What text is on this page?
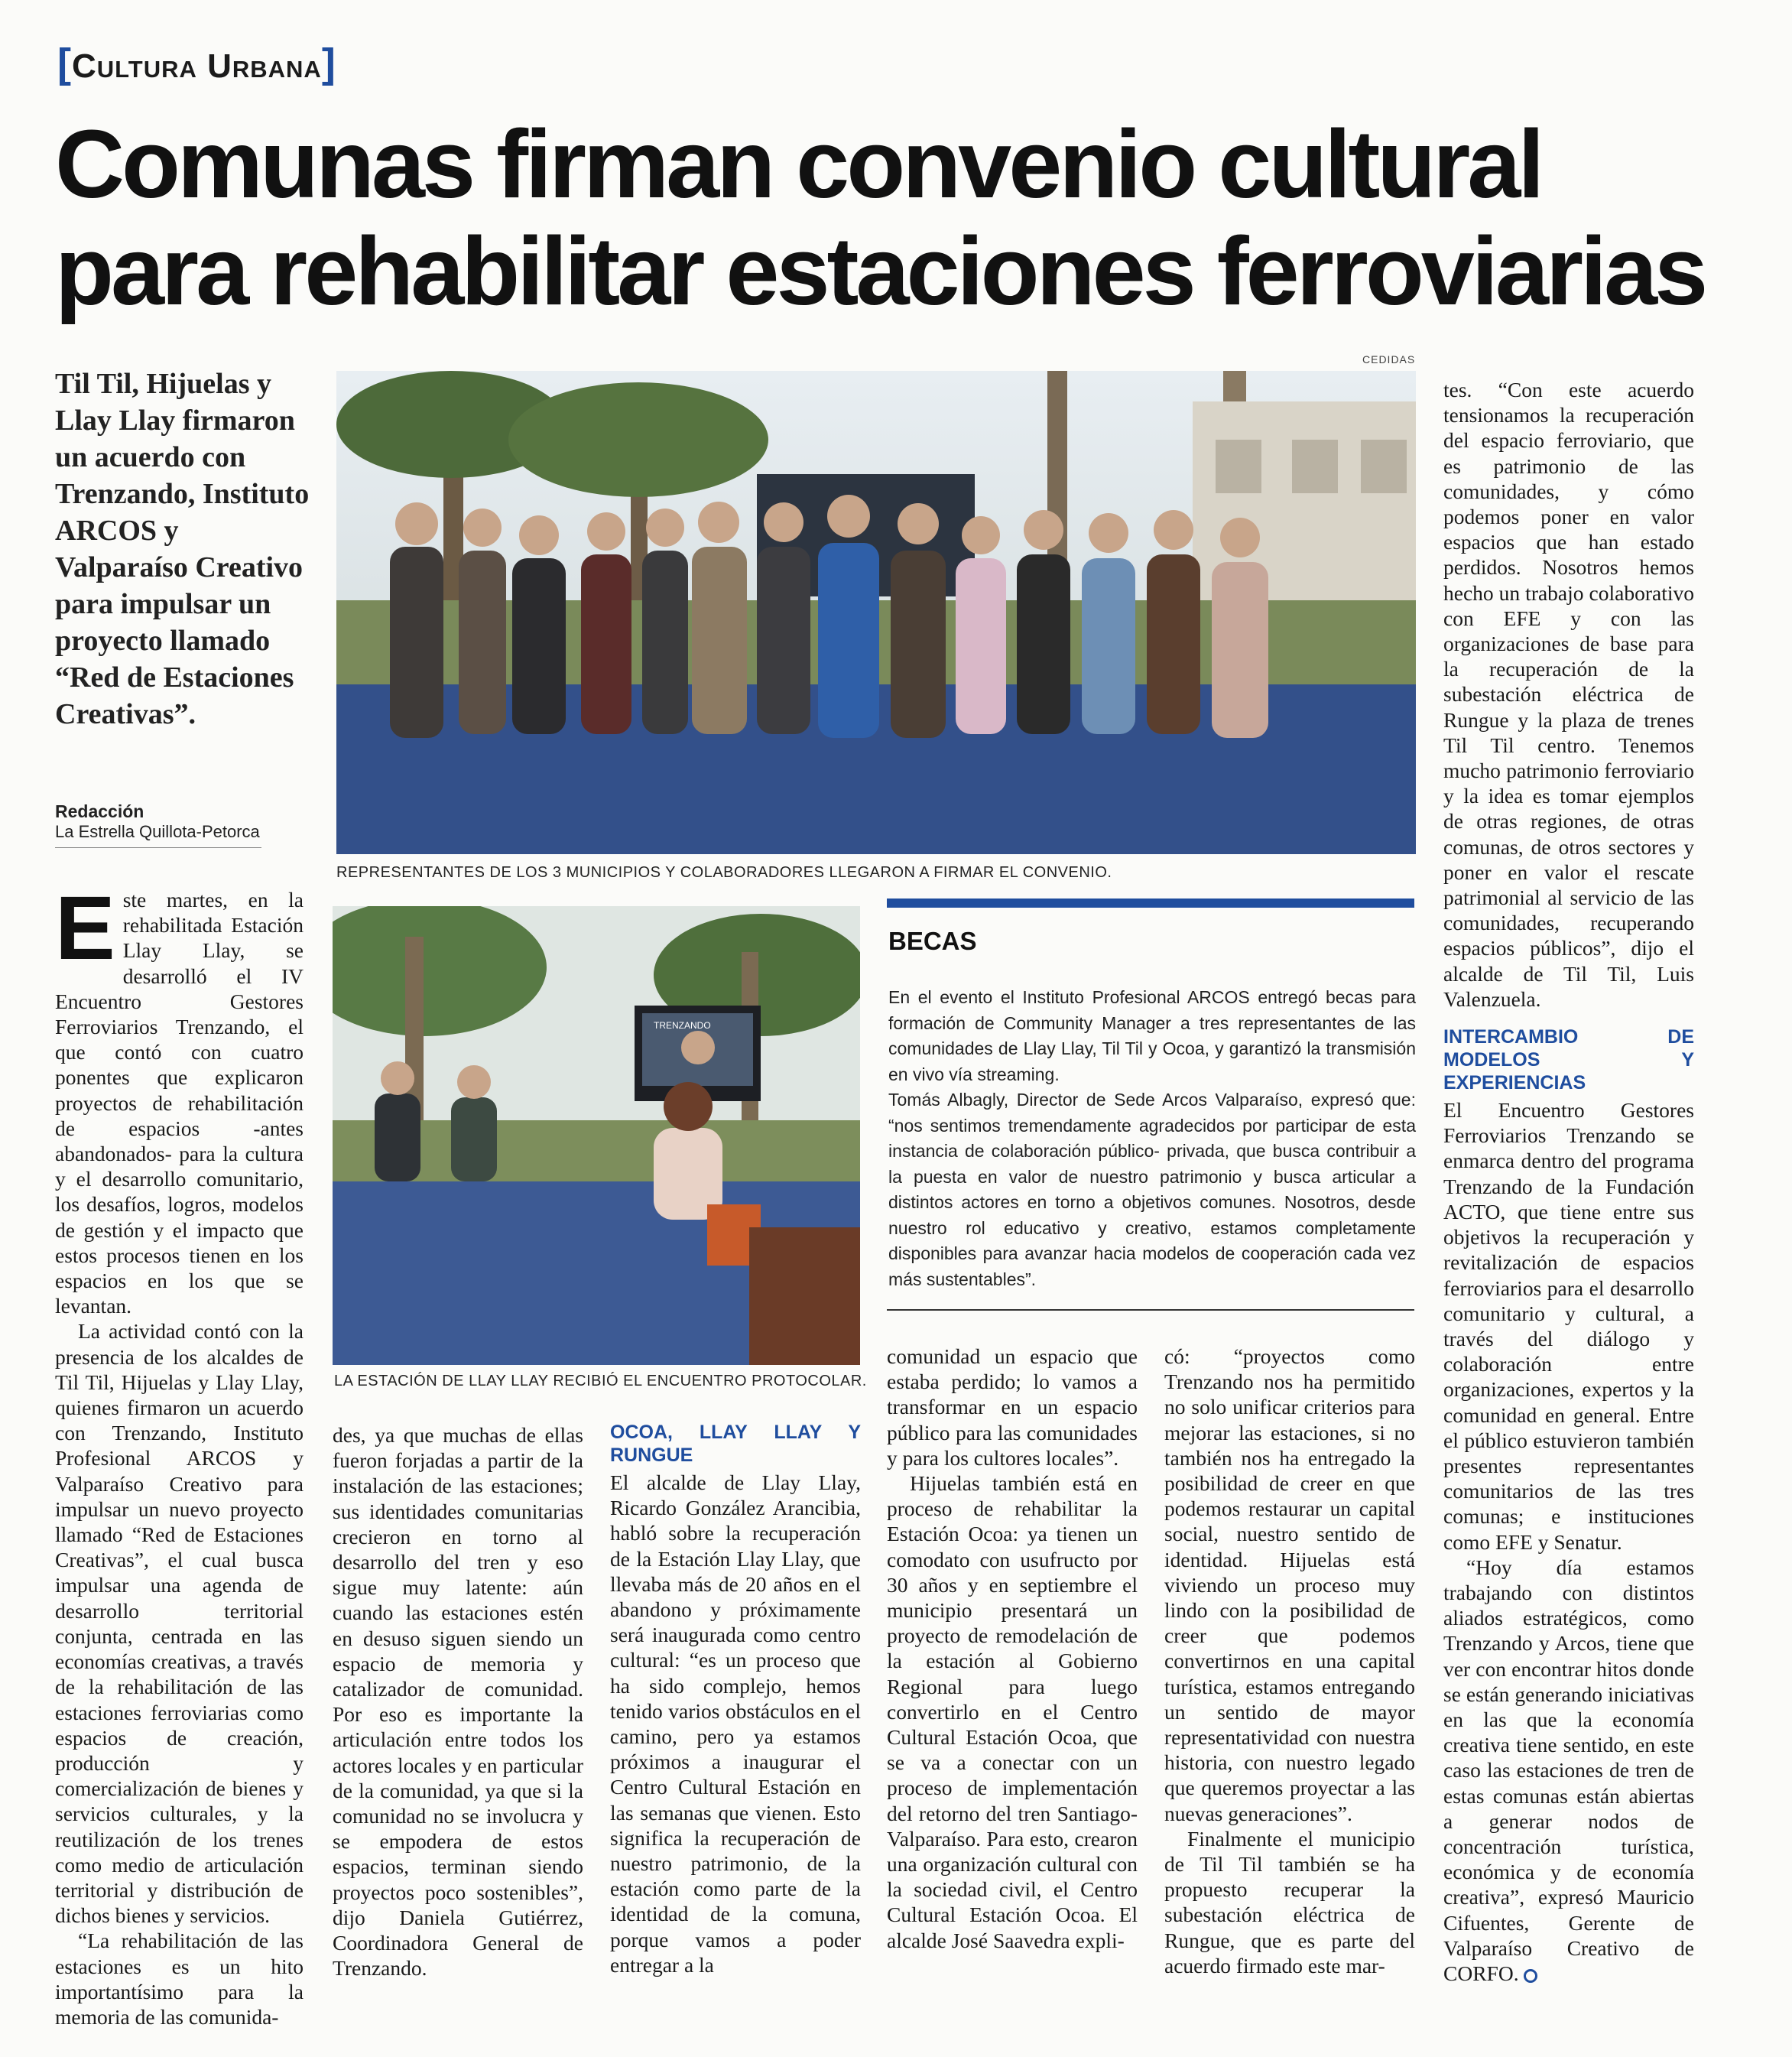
[Cultura Urbana]
Comunas firman convenio cultural
para rehabilitar estaciones ferroviarias
Til Til, Hijuelas y Llay Llay firmaron un acuerdo con Trenzando, Instituto ARCOS y Valparaíso Creativo para impulsar un proyecto llamado “Red de Estaciones Creativas”.
Redacción
La Estrella Quillota-Petorca
CEDIDAS
REPRESENTANTES DE LOS 3 MUNICIPIOS Y COLABORADORES LLEGARON A FIRMAR EL CONVENIO.
TRENZANDO
LA ESTACIÓN DE LLAY LLAY RECIBIÓ EL ENCUENTRO PROTOCOLAR.

Este martes, en la rehabilitada Estación Llay Llay, se desarrolló el IV Encuentro Gestores Ferroviarios Trenzando, el que contó con cuatro ponentes que explicaron proyectos de rehabilitación de espacios -antes abandonados- para la cultura y el desarrollo comunitario, los desafíos, logros, modelos de gestión y el impacto que estos procesos tienen en los espacios en los que se levantan.

La actividad contó con la presencia de los alcaldes de Til Til, Hijuelas y Llay Llay, quienes firmaron un acuerdo con Trenzando, Instituto Profesional ARCOS y Valparaíso Creativo para impulsar un nuevo proyecto llamado “Red de Estaciones Creativas”, el cual busca impulsar una agenda de desarrollo territorial conjunta, centrada en las economías creativas, a través de la rehabilitación de las estaciones ferroviarias como espacios de creación, producción y comercialización de bienes y servicios culturales, y la reutilización de los trenes como medio de articulación territorial y distribución de dichos bienes y servicios.

“La rehabilitación de las estaciones es un hito importantísimo para la memoria de las comunida-

des, ya que muchas de ellas fueron forjadas a partir de la instalación de las estaciones; sus identidades comunitarias crecieron en torno al desarrollo del tren y eso sigue muy latente: aún cuando las estaciones estén en desuso siguen siendo un espacio de memoria y catalizador de comunidad. Por eso es importante la articulación entre todos los actores locales y en particular de la comunidad, ya que si la comunidad no se involucra y se empodera de estos espacios, terminan siendo proyectos poco sostenibles”, dijo Daniela Gutiérrez, Coordinadora General de Trenzando.

OCOA, LLAY LLAY Y RUNGUE

El alcalde de Llay Llay, Ricardo González Arancibia, habló sobre la recuperación de la Estación Llay Llay, que llevaba más de 20 años en el abandono y próximamente será inaugurada como centro cultural: “es un proceso que ha sido complejo, hemos tenido varios obstáculos en el camino, pero ya estamos próximos a inaugurar el Centro Cultural Estación en las semanas que vienen. Esto significa la recuperación de nuestro patrimonio, de la estación como parte de la identidad de la comuna, porque vamos a poder entregar a la

BECAS

En el evento el Instituto Profesional ARCOS entregó becas para formación de Community Manager a tres representantes de las comunidades de Llay Llay, Til Til y Ocoa, y garantizó la transmisión en vivo vía streaming.

Tomás Albagly, Director de Sede Arcos Valparaíso, expresó que: “nos sentimos tremendamente agradecidos por participar de esta instancia de colaboración público- privada, que busca contribuir a la puesta en valor de nuestro patrimonio y busca articular a distintos actores en torno a objetivos comunes. Nosotros, desde nuestro rol educativo y creativo, estamos completamente disponibles para avanzar hacia modelos de cooperación cada vez más sustentables”.

comunidad un espacio que estaba perdido; lo vamos a transformar en un espacio público para las comunidades y para los cultores locales”.

Hijuelas también está en proceso de rehabilitar la Estación Ocoa: ya tienen un comodato con usufructo por 30 años y en septiembre el municipio presentará un proyecto de remodelación de la estación al Gobierno Regional para luego convertirlo en el Centro Cultural Estación Ocoa, que se va a conectar con un proceso de implementación del retorno del tren Santiago-Valparaíso. Para esto, crearon una organización cultural con la sociedad civil, el Centro Cultural Estación Ocoa. El alcalde José Saavedra expli-

có: “proyectos como Trenzando nos ha permitido no solo unificar criterios para mejorar las estaciones, si no también nos ha entregado la posibilidad de creer en que podemos restaurar un capital social, nuestro sentido de identidad. Hijuelas está viviendo un proceso muy lindo con la posibilidad de creer que podemos convertirnos en una capital turística, estamos entregando un sentido de mayor representatividad con nuestra historia, con nuestro legado que queremos proyectar a las nuevas generaciones”.

Finalmente el municipio de Til Til también se ha propuesto recuperar la subestación eléctrica de Rungue, que es parte del acuerdo firmado este mar-

tes. “Con este acuerdo tensionamos la recuperación del espacio ferroviario, que es patrimonio de las comunidades, y cómo podemos poner en valor espacios que han estado perdidos. Nosotros hemos hecho un trabajo colaborativo con EFE y con las organizaciones de base para la recuperación de la subestación eléctrica de Rungue y la plaza de trenes Til Til centro. Tenemos mucho patrimonio ferroviario y la idea es tomar ejemplos de otras regiones, de otras comunas, de otros sectores y poner en valor el rescate patrimonial al servicio de las comunidades, recuperando espacios públicos”, dijo el alcalde de Til Til, Luis Valenzuela.

INTERCAMBIO DE MODELOS Y EXPERIENCIAS

El Encuentro Gestores Ferroviarios Trenzando se enmarca dentro del programa Trenzando de la Fundación ACTO, que tiene entre sus objetivos la recuperación y revitalización de espacios ferroviarios para el desarrollo comunitario y cultural, a través del diálogo y colaboración entre organizaciones, expertos y la comunidad en general. Entre el público estuvieron también presentes representantes comunitarios de las tres comunas; e instituciones como EFE y Senatur.

“Hoy día estamos trabajando con distintos aliados estratégicos, como Trenzando y Arcos, tiene que ver con encontrar hitos donde se están generando iniciativas en las que la economía creativa tiene sentido, en este caso las estaciones de tren de estas comunas están abiertas a generar nodos de concentración turística, económica y de economía creativa”, expresó Mauricio Cifuentes, Gerente de Valparaíso Creativo de CORFO.
